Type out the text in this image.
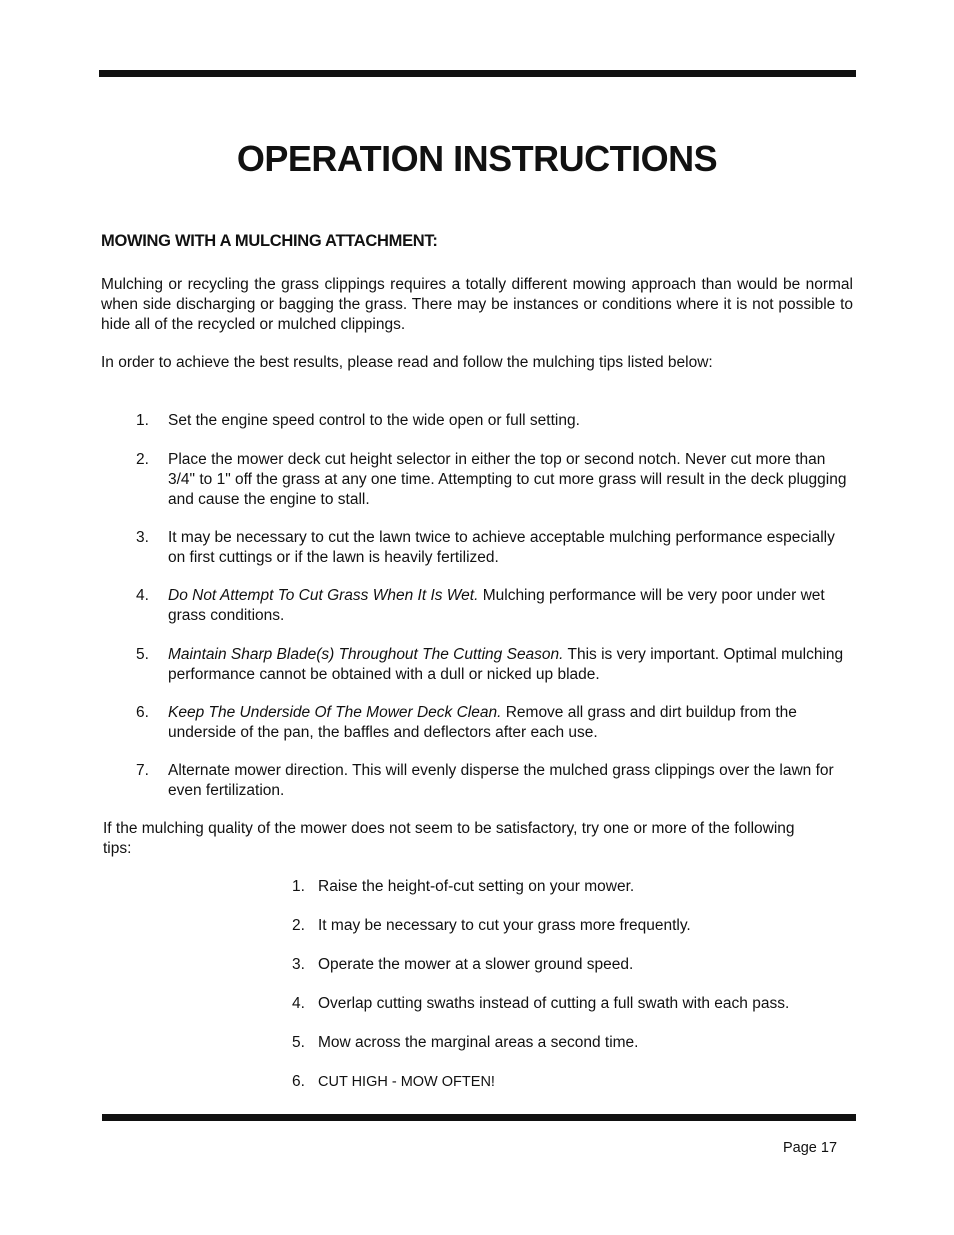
OPERATION INSTRUCTIONS
MOWING WITH A MULCHING ATTACHMENT:
Mulching or recycling the grass clippings requires a totally different mowing approach than would be normal when side discharging or bagging the grass. There may be instances or conditions where it is not possible to hide all of the recycled or mulched clippings.
In order to achieve the best results, please read and follow the mulching tips listed below:
1. Set the engine speed control to the wide open or full setting.
2. Place the mower deck cut height selector in either the top or second notch. Never cut more than 3/4" to 1" off the grass at any one time. Attempting to cut more grass will result in the deck plugging and cause the engine to stall.
3. It may be necessary to cut the lawn twice to achieve acceptable mulching performance especially on first cuttings or if the lawn is heavily fertilized.
4. Do Not Attempt To Cut Grass When It Is Wet. Mulching performance will be very poor under wet grass conditions.
5. Maintain Sharp Blade(s) Throughout The Cutting Season. This is very important. Optimal mulching performance cannot be obtained with a dull or nicked up blade.
6. Keep The Underside Of The Mower Deck Clean. Remove all grass and dirt buildup from the underside of the pan, the baffles and deflectors after each use.
7. Alternate mower direction. This will evenly disperse the mulched grass clippings over the lawn for even fertilization.
If the mulching quality of the mower does not seem to be satisfactory, try one or more of the following tips:
1. Raise the height-of-cut setting on your mower.
2. It may be necessary to cut your grass more frequently.
3. Operate the mower at a slower ground speed.
4. Overlap cutting swaths instead of cutting a full swath with each pass.
5. Mow across the marginal areas a second time.
6. CUT HIGH - MOW OFTEN!
Page 17
